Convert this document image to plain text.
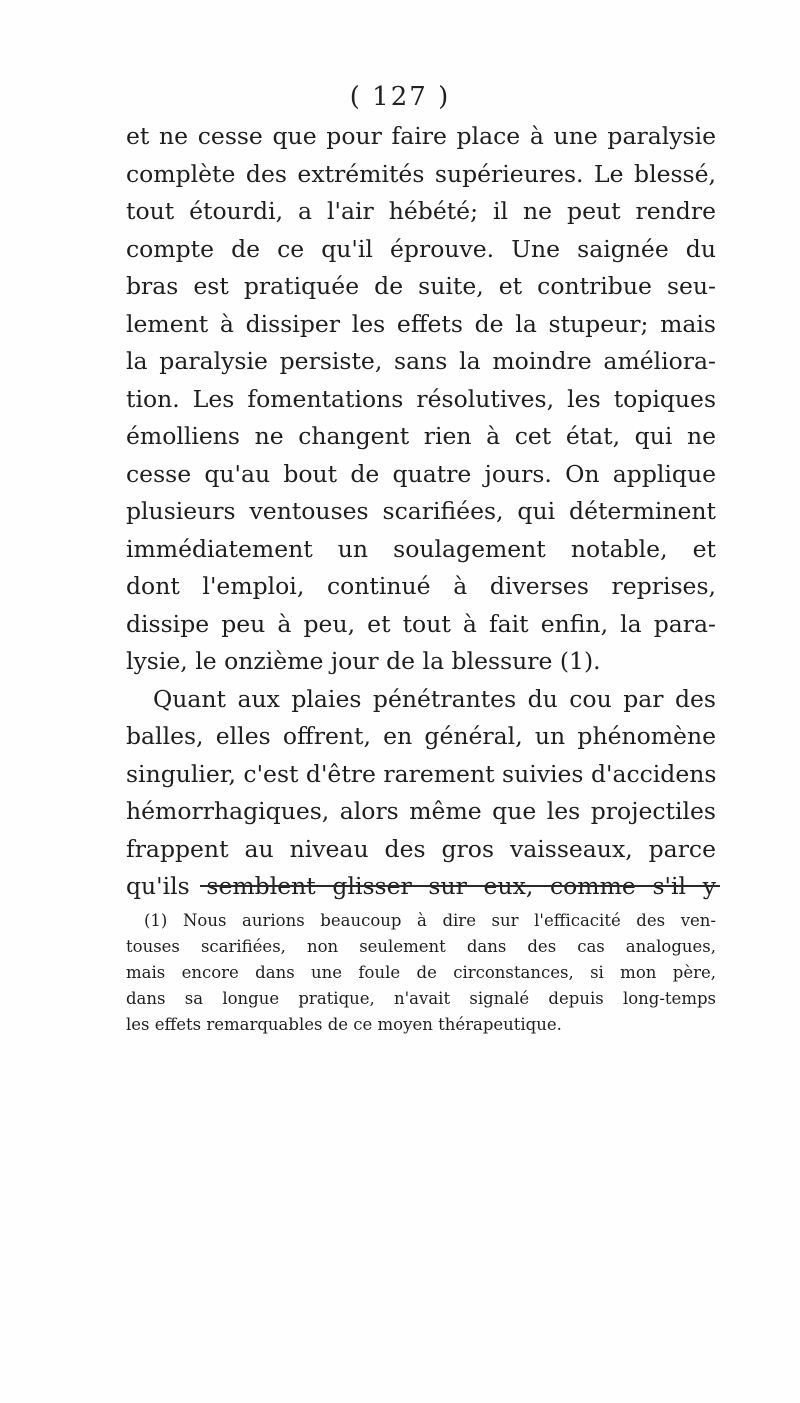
( 127 )
et ne cesse que pour faire place à une paralysie
complète des extrémités supérieures. Le blessé,
tout étourdi, a l'air hébété; il ne peut rendre
compte de ce qu'il éprouve. Une saignée du
bras est pratiquée de suite, et contribue seu-
lement à dissiper les effets de la stupeur; mais
la paralysie persiste, sans la moindre améliora-
tion. Les fomentations résolutives, les topiques
émolliens ne changent rien à cet état, qui ne
cesse qu'au bout de quatre jours. On applique
plusieurs ventouses scarifiées, qui déterminent
immédiatement un soulagement notable, et
dont l'emploi, continué à diverses reprises,
dissipe peu à peu, et tout à fait enfin, la para-
lysie, le onzième jour de la blessure (1).
Quant aux plaies pénétrantes du cou par des
balles, elles offrent, en général, un phénomène
singulier, c'est d'être rarement suivies d'accidens
hémorrhagiques, alors même que les projectiles
frappent au niveau des gros vaisseaux, parce
qu'ils semblent glisser sur eux, comme s'il y
(1) Nous aurions beaucoup à dire sur l'efficacité des ven-
touses scarifiées, non seulement dans des cas analogues,
mais encore dans une foule de circonstances, si mon père,
dans sa longue pratique, n'avait signalé depuis long-temps
les effets remarquables de ce moyen thérapeutique.
